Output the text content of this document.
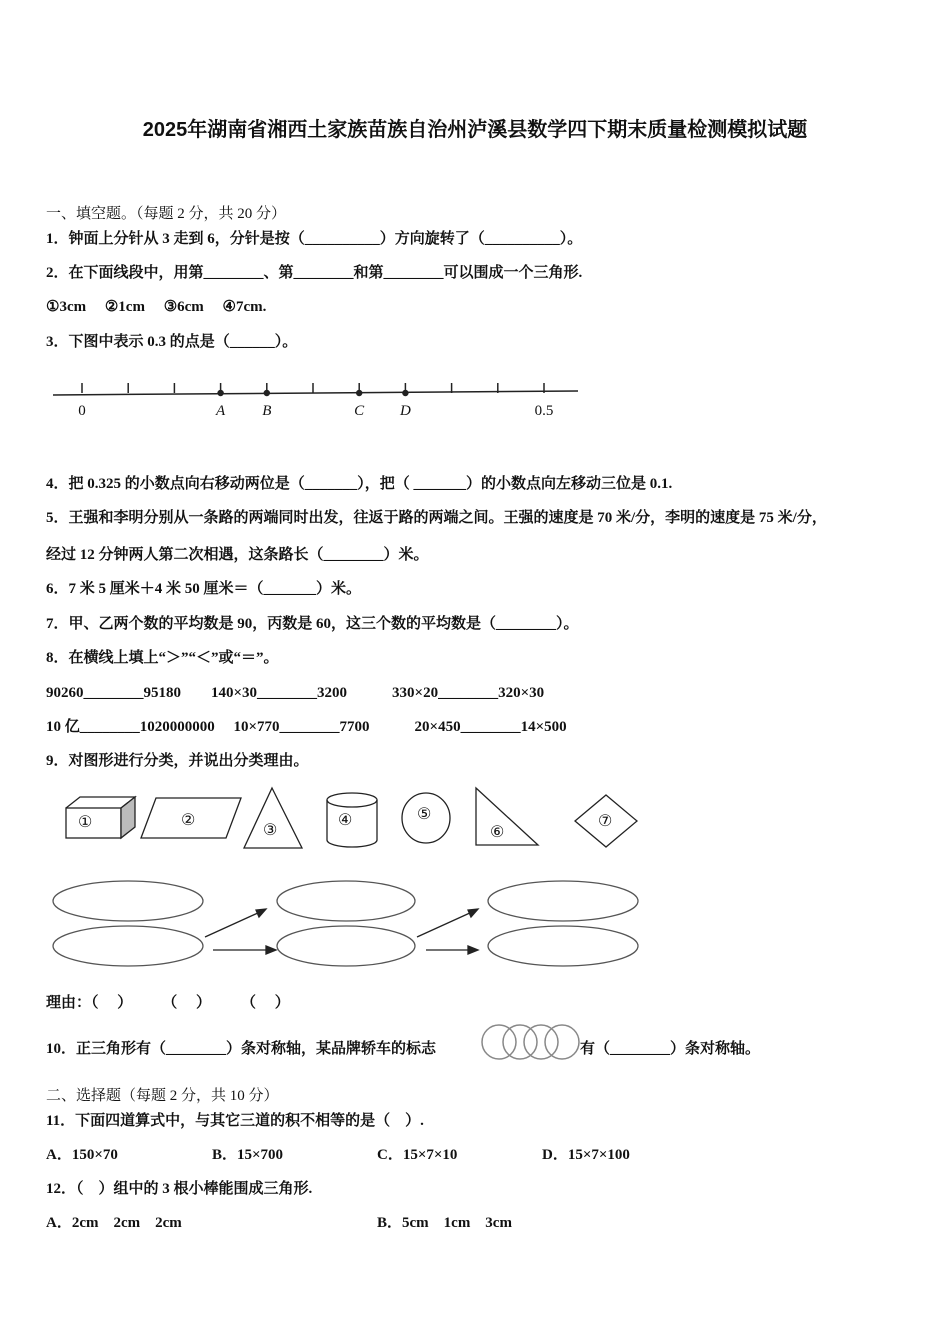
2025年湖南省湘西土家族苗族自治州泸溪县数学四下期末质量检测模拟试题
一、填空题。（每题 2 分，共 20 分）
1．钟面上分针从 3 走到 6，分针是按（__________）方向旋转了（__________）。
2．在下面线段中，用第________、第________和第________可以围成一个三角形.
①3cm　 ②1cm　 ③6cm　 ④7cm.
3．下图中表示 0.3 的点是（______）。
4．把 0.325 的小数点向右移动两位是（_______），把（ _______）的小数点向左移动三位是 0.1.
5．王强和李明分别从一条路的两端同时出发，往返于路的两端之间。王强的速度是 70 米/分，李明的速度是 75 米/分，
经过 12 分钟两人第二次相遇，这条路长（________）米。
6．7 米 5 厘米＋4 米 50 厘米＝（_______）米。
7．甲、乙两个数的平均数是 90，丙数是 60，这三个数的平均数是（________）。
8．在横线上填上“＞”“＜”或“＝”。
90260________95180　　140×30________3200　　　330×20________320×30
10 亿________1020000000　 10×770________7700　　　20×450________14×500
9．对图形进行分类，并说出分类理由。
理由：（　 ）　　　（　 ）　　　（　 ）
10．正三角形有（________）条对称轴，某品牌轿车的标志	有（________）条对称轴。
二、选择题（每题 2 分，共 10 分）
11．下面四道算式中，与其它三道的积不相等的是（　）.
A．150×70	B．15×700	C．15×7×10	D．15×7×100
12．（　）组中的 3 根小棒能围成三角形.
A．2cm　2cm　2cm	B．5cm　1cm　3cm
0	A	B	C	D	0.5
①	②
③
④	⑤
⑥
⑦
